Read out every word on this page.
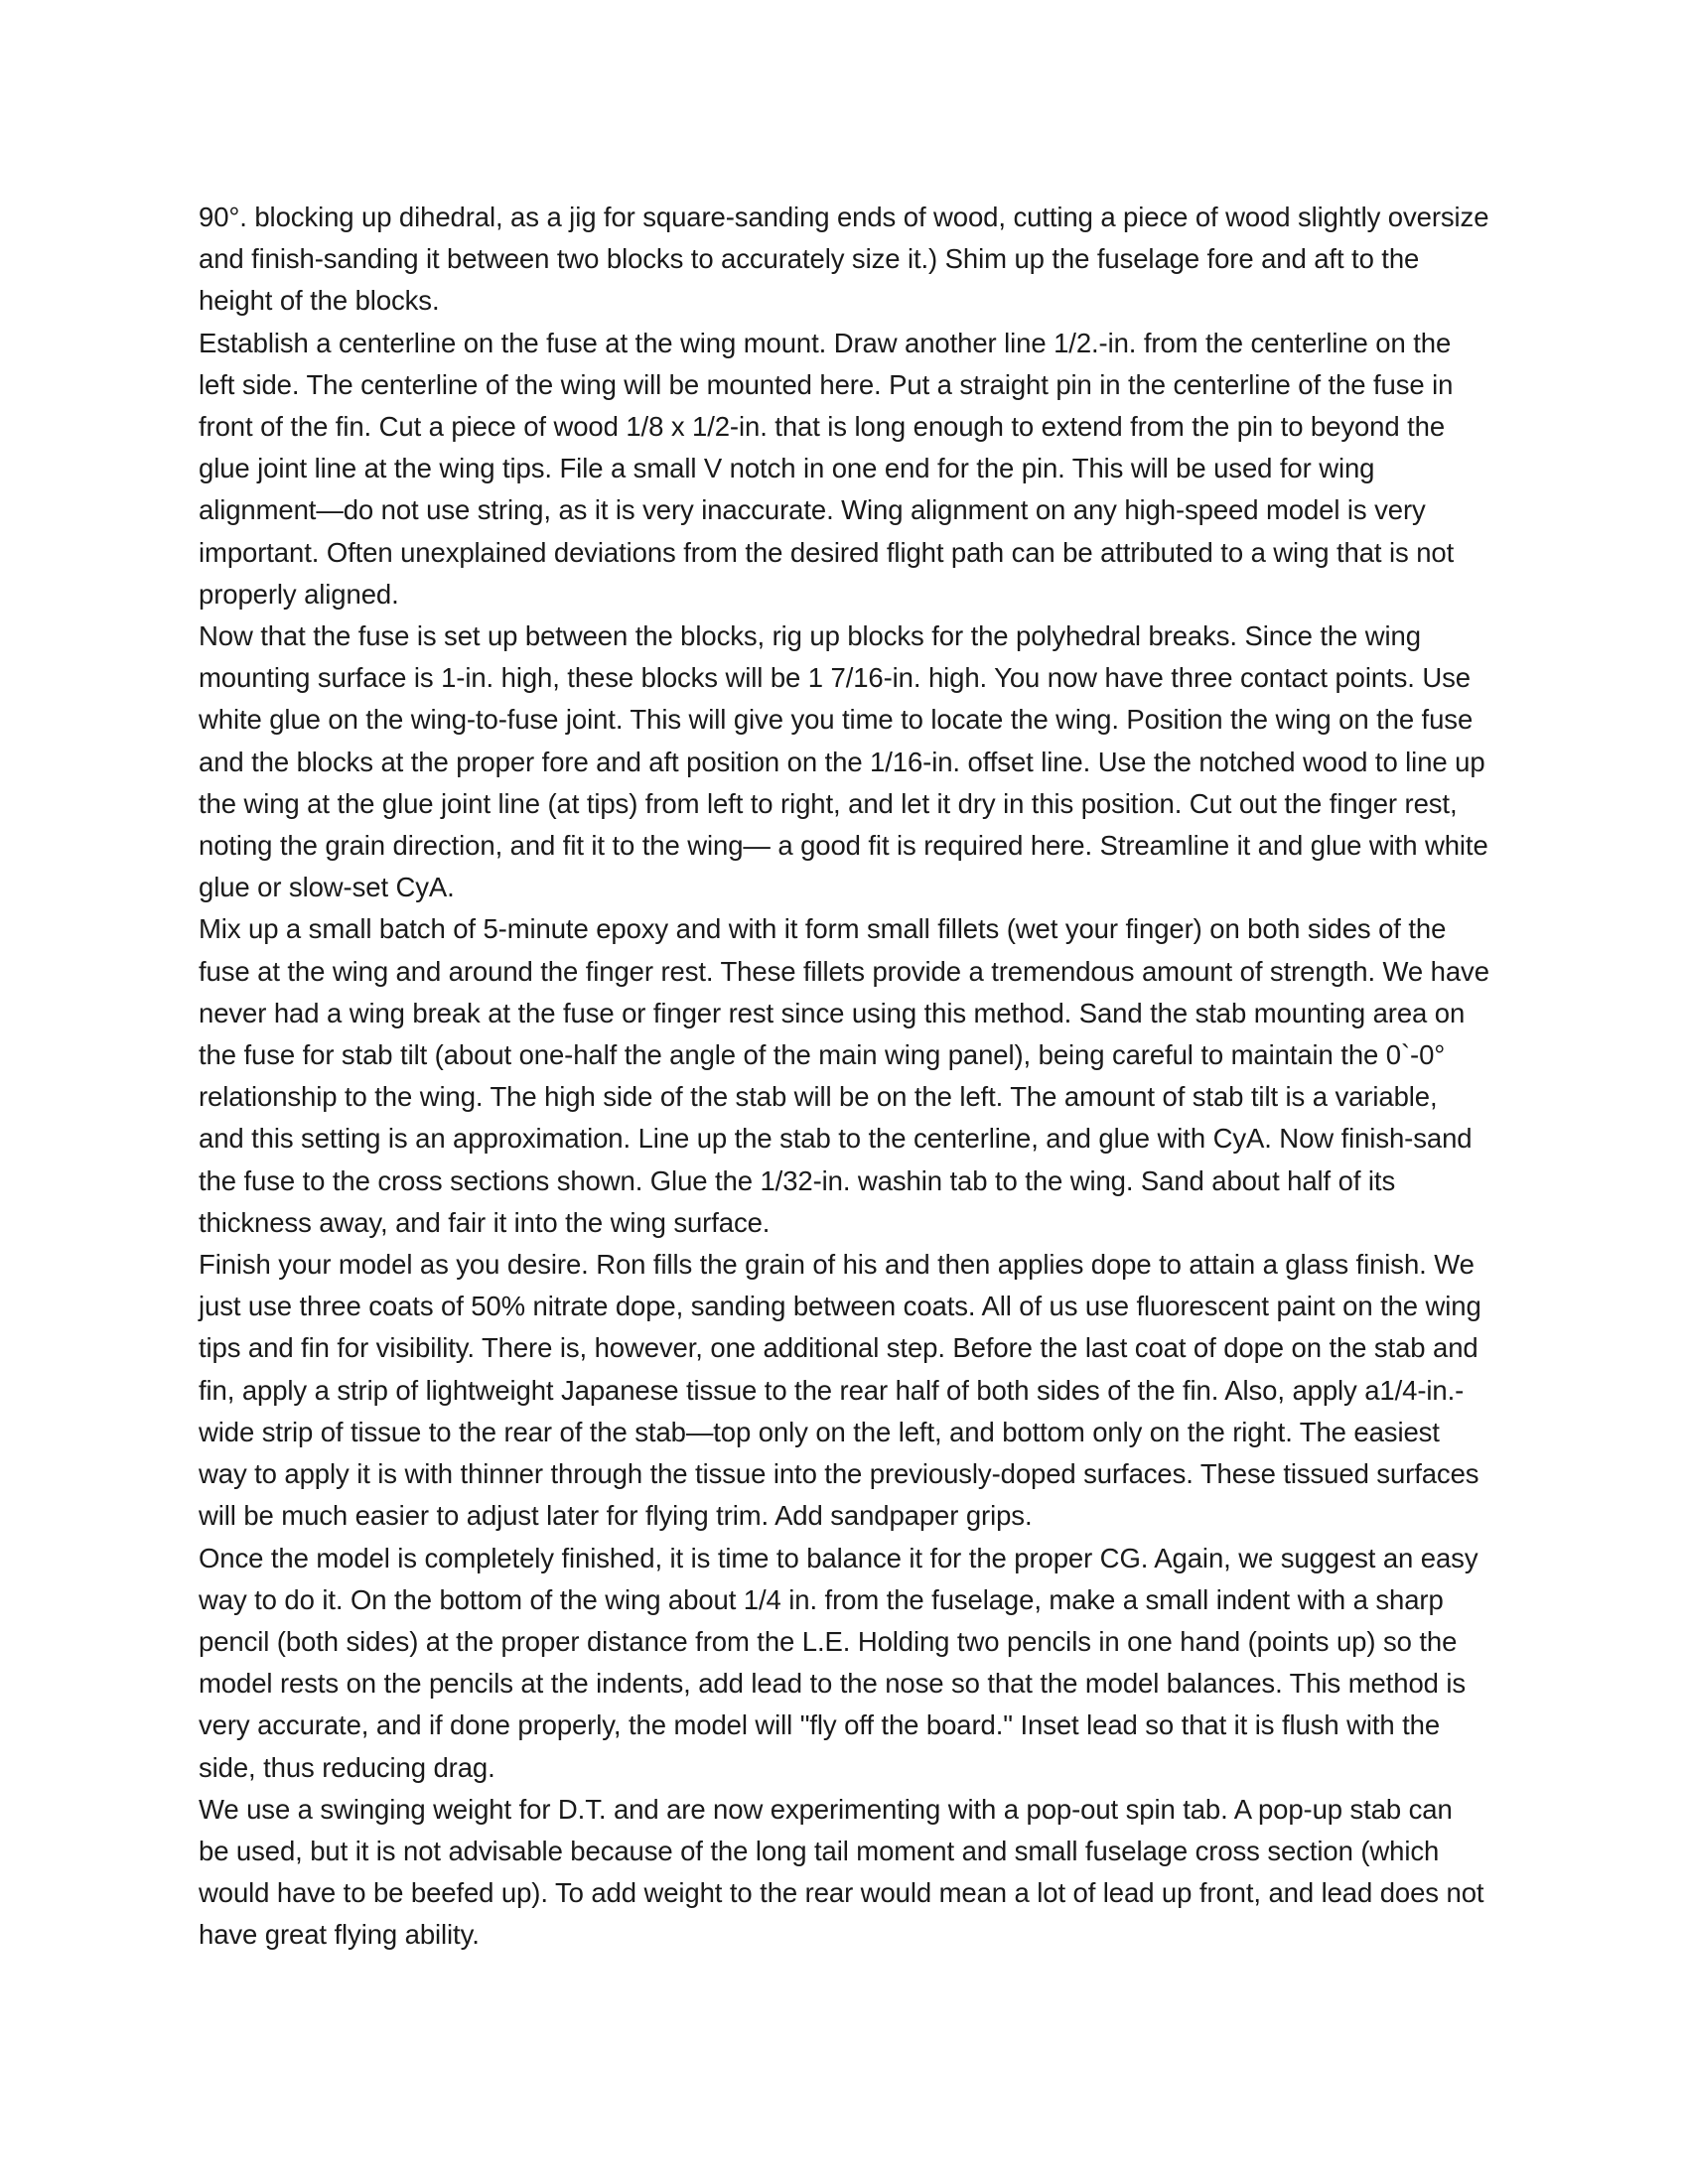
90°. blocking up dihedral, as a jig for square-sanding ends of wood, cutting a piece of wood slightly oversize and finish-sanding it between two blocks to accurately size it.) Shim up the fuselage fore and aft to the height of the blocks.

Establish a centerline on the fuse at the wing mount. Draw another line 1/2.-in. from the centerline on the left side. The centerline of the wing will be mounted here. Put a straight pin in the centerline of the fuse in front of the fin. Cut a piece of wood 1/8 x 1/2-in. that is long enough to extend from the pin to beyond the glue joint line at the wing tips. File a small V notch in one end for the pin. This will be used for wing alignment—do not use string, as it is very inaccurate. Wing alignment on any high-speed model is very important. Often unexplained deviations from the desired flight path can be attributed to a wing that is not properly aligned.

Now that the fuse is set up between the blocks, rig up blocks for the polyhedral breaks. Since the wing mounting surface is 1-in. high, these blocks will be 1 7/16-in. high. You now have three contact points. Use white glue on the wing-to-fuse joint. This will give you time to locate the wing. Position the wing on the fuse and the blocks at the proper fore and aft position on the 1/16-in. offset line. Use the notched wood to line up the wing at the glue joint line (at tips) from left to right, and let it dry in this position. Cut out the finger rest, noting the grain direction, and fit it to the wing— a good fit is required here. Streamline it and glue with white glue or slow-set CyA.

Mix up a small batch of 5-minute epoxy and with it form small fillets (wet your finger) on both sides of the fuse at the wing and around the finger rest. These fillets provide a tremendous amount of strength. We have never had a wing break at the fuse or finger rest since using this method. Sand the stab mounting area on the fuse for stab tilt (about one-half the angle of the main wing panel), being careful to maintain the 0`-0° relationship to the wing. The high side of the stab will be on the left. The amount of stab tilt is a variable, and this setting is an approximation. Line up the stab to the centerline, and glue with CyA. Now finish-sand the fuse to the cross sections shown. Glue the 1/32-in. washin tab to the wing. Sand about half of its thickness away, and fair it into the wing surface.

Finish your model as you desire. Ron fills the grain of his and then applies dope to attain a glass finish. We just use three coats of 50% nitrate dope, sanding between coats. All of us use fluorescent paint on the wing tips and fin for visibility. There is, however, one additional step. Before the last coat of dope on the stab and fin, apply a strip of lightweight Japanese tissue to the rear half of both sides of the fin. Also, apply a1/4-in.-wide strip of tissue to the rear of the stab—top only on the left, and bottom only on the right. The easiest way to apply it is with thinner through the tissue into the previously-doped surfaces. These tissued surfaces will be much easier to adjust later for flying trim. Add sandpaper grips.

Once the model is completely finished, it is time to balance it for the proper CG. Again, we suggest an easy way to do it. On the bottom of the wing about 1/4 in. from the fuselage, make a small indent with a sharp pencil (both sides) at the proper distance from the L.E. Holding two pencils in one hand (points up) so the model rests on the pencils at the indents, add lead to the nose so that the model balances. This method is very accurate, and if done properly, the model will "fly off the board." Inset lead so that it is flush with the side, thus reducing drag.

We use a swinging weight for D.T. and are now experimenting with a pop-out spin tab. A pop-up stab can be used, but it is not advisable because of the long tail moment and small fuselage cross section (which would have to be beefed up). To add weight to the rear would mean a lot of lead up front, and lead does not have great flying ability.
